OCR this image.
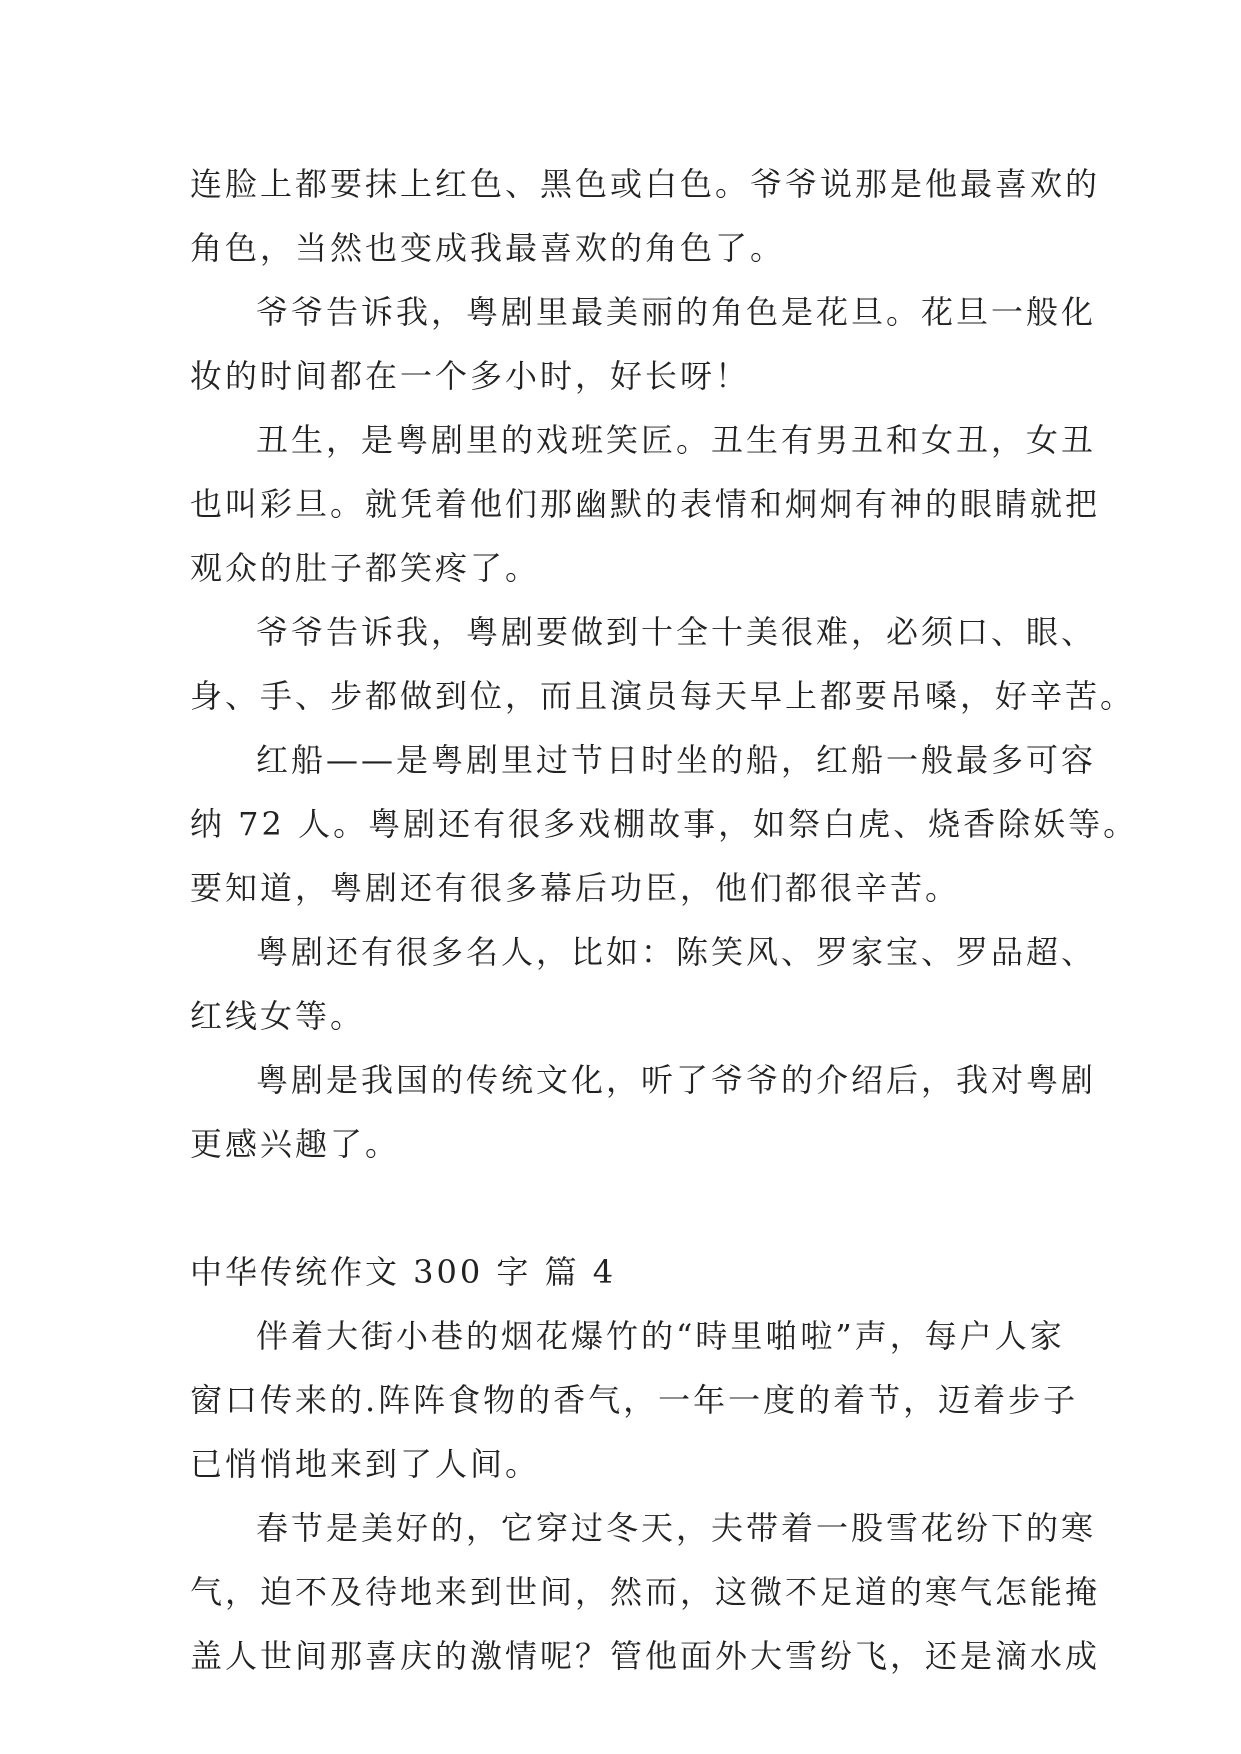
连脸上都要抹上红色、黑色或白色。爷爷说那是他最喜欢的
角色，当然也变成我最喜欢的角色了。
爷爷告诉我，粤剧里最美丽的角色是花旦。花旦一般化
妆的时间都在一个多小时，好长呀！
丑生，是粤剧里的戏班笑匠。丑生有男丑和女丑，女丑
也叫彩旦。就凭着他们那幽默的表情和炯炯有神的眼睛就把
观众的肚子都笑疼了。
爷爷告诉我，粤剧要做到十全十美很难，必须口、眼、
身、手、步都做到位，而且演员每天早上都要吊嗓，好辛苦。
红船——是粤剧里过节日时坐的船，红船一般最多可容
纳 72 人。粤剧还有很多戏棚故事，如祭白虎、烧香除妖等。
要知道，粤剧还有很多幕后功臣，他们都很辛苦。
粤剧还有很多名人，比如：陈笑风、罗家宝、罗品超、
红线女等。
粤剧是我国的传统文化，听了爷爷的介绍后，我对粤剧
更感兴趣了。
中华传统作文 300 字 篇 4
伴着大街小巷的烟花爆竹的“時里啪啦”声，每户人家
窗口传来的.阵阵食物的香气，一年一度的着节，迈着步子
已悄悄地来到了人间。
春节是美好的，它穿过冬天，夫带着一股雪花纷下的寒
气，迫不及待地来到世间，然而，这微不足道的寒气怎能掩
盖人世间那喜庆的激情呢？管他面外大雪纷飞，还是滴水成
